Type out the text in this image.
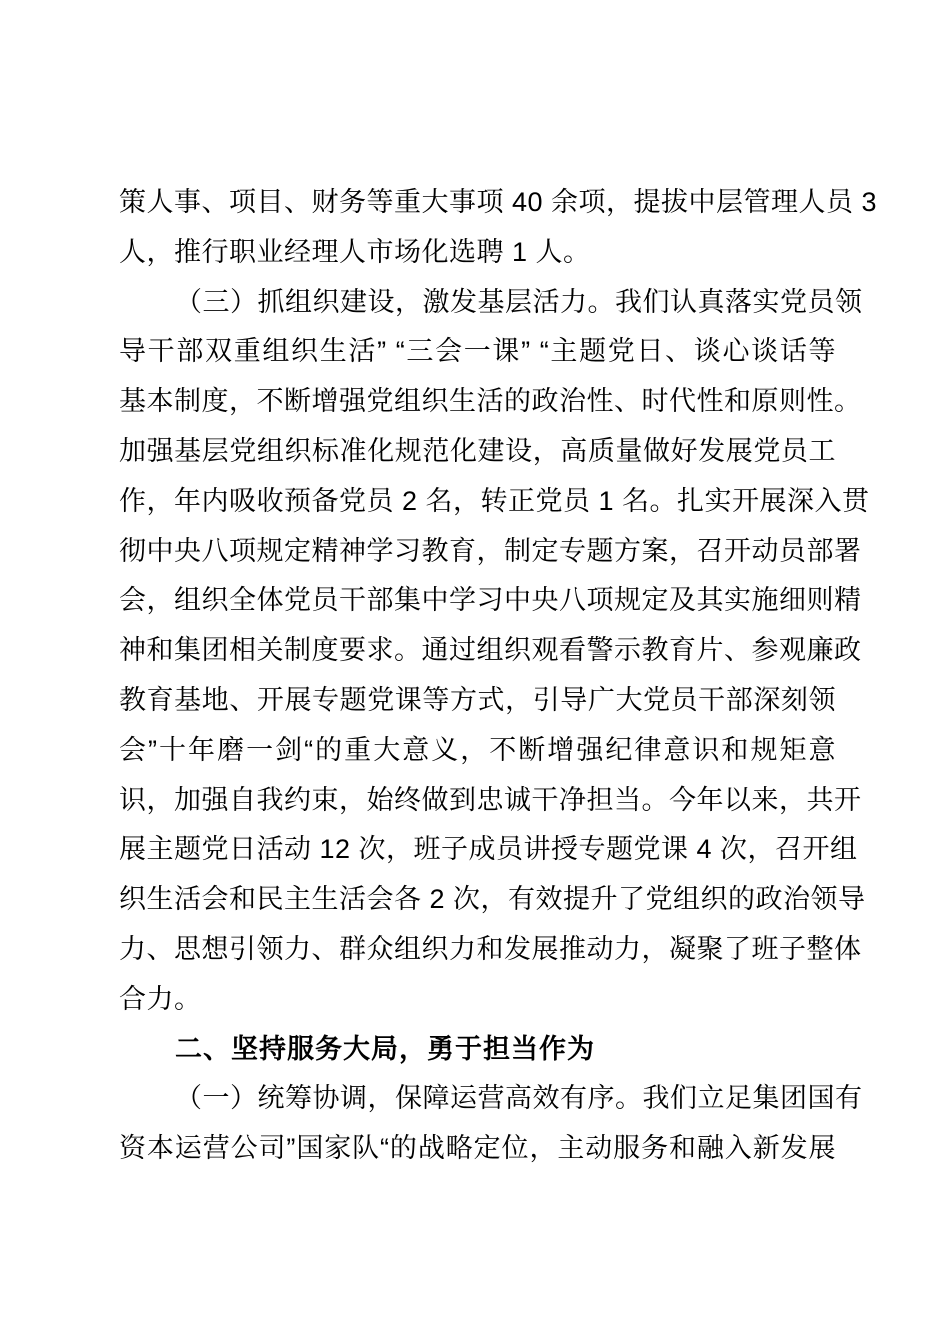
策人事、项目、财务等重大事项 40 余项，提拔中层管理人员 3

人，推行职业经理人市场化选聘 1 人。

（三）抓组织建设，激发基层活力。我们认真落实党员领

导干部双重组织生活” “三会一课” “主题党日、谈心谈话等

基本制度，不断增强党组织生活的政治性、时代性和原则性。

加强基层党组织标准化规范化建设，高质量做好发展党员工

作，年内吸收预备党员 2 名，转正党员 1 名。扎实开展深入贯

彻中央八项规定精神学习教育，制定专题方案，召开动员部署

会，组织全体党员干部集中学习中央八项规定及其实施细则精

神和集团相关制度要求。通过组织观看警示教育片、参观廉政

教育基地、开展专题党课等方式，引导广大党员干部深刻领

会”十年磨一剑“的重大意义，不断增强纪律意识和规矩意

识，加强自我约束，始终做到忠诚干净担当。今年以来，共开

展主题党日活动 12 次，班子成员讲授专题党课 4 次，召开组

织生活会和民主生活会各 2 次，有效提升了党组织的政治领导

力、思想引领力、群众组织力和发展推动力，凝聚了班子整体

合力。

二、坚持服务大局，勇于担当作为

（一）统筹协调，保障运营高效有序。我们立足集团国有

资本运营公司”国家队“的战略定位，主动服务和融入新发展
